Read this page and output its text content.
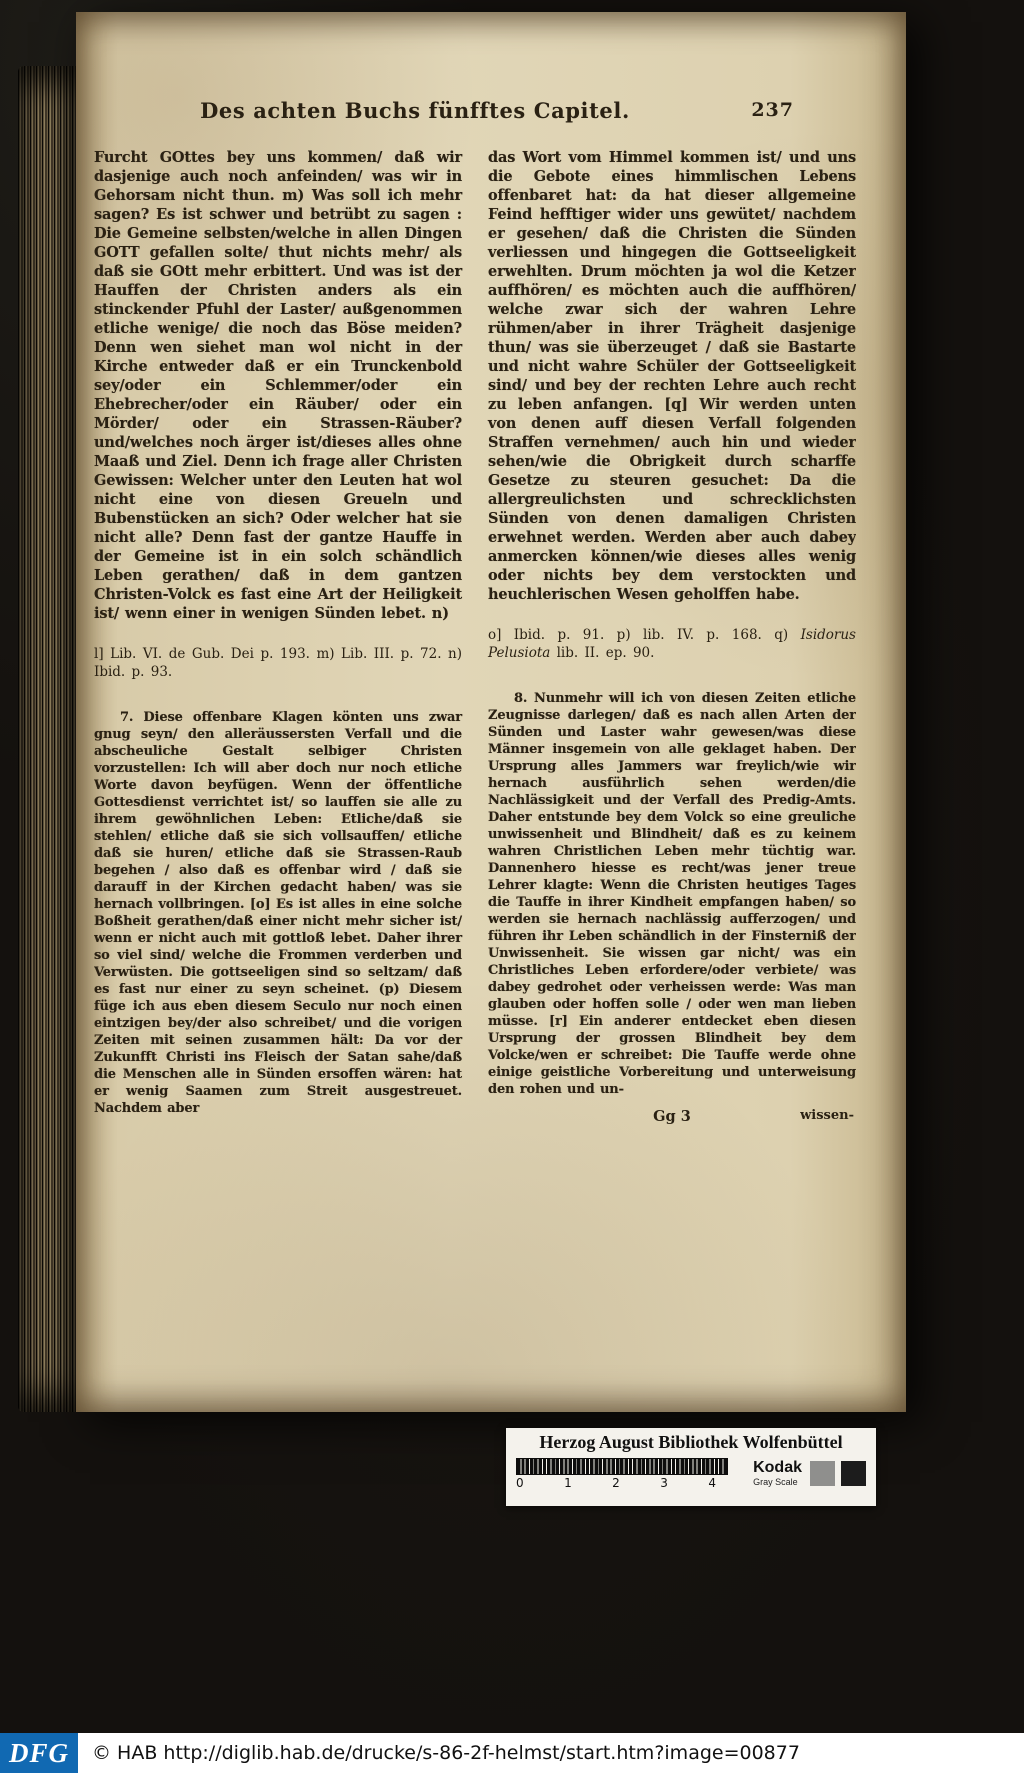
Des achten Buchs fünfftes Capitel.	237

Furcht GOttes bey uns kommen/ daß wir dasjenige auch noch anfeinden/ was wir in Gehorsam nicht thun. m) Was soll ich mehr sagen? Es ist schwer und betrübt zu sagen : Die Gemeine selbsten/welche in allen Dingen GOTT gefallen solte/ thut nichts mehr/ als daß sie GOtt mehr erbittert. Und was ist der Hauffen der Christen anders als ein stinckender Pfuhl der Laster/ außgenommen etliche wenige/ die noch das Böse meiden? Denn wen siehet man wol nicht in der Kirche entweder daß er ein Trunckenbold sey/oder ein Schlemmer/oder ein Ehebrecher/oder ein Räuber/ oder ein Mörder/ oder ein Strassen-Räuber? und/welches noch ärger ist/dieses alles ohne Maaß und Ziel. Denn ich frage aller Christen Gewissen: Welcher unter den Leuten hat wol nicht eine von diesen Greueln und Bubenstücken an sich? Oder welcher hat sie nicht alle? Denn fast der gantze Hauffe in der Gemeine ist in ein solch schändlich Leben gerathen/ daß in dem gantzen Christen-Volck es fast eine Art der Heiligkeit ist/ wenn einer in wenigen Sünden lebet. n)

l] Lib. VI. de Gub. Dei p. 193. m) Lib. III. p. 72. n) Ibid. p. 93.

7. Diese offenbare Klagen könten uns zwar gnug seyn/ den alleräussersten Verfall und die abscheuliche Gestalt selbiger Christen vorzustellen: Ich will aber doch nur noch etliche Worte davon beyfügen. Wenn der öffentliche Gottesdienst verrichtet ist/ so lauffen sie alle zu ihrem gewöhnlichen Leben: Etliche/daß sie stehlen/ etliche daß sie sich vollsauffen/ etliche daß sie huren/ etliche daß sie Strassen-Raub begehen / also daß es offenbar wird / daß sie darauff in der Kirchen gedacht haben/ was sie hernach vollbringen. [o] Es ist alles in eine solche Boßheit gerathen/daß einer nicht mehr sicher ist/ wenn er nicht auch mit gottloß lebet. Daher ihrer so viel sind/ welche die Frommen verderben und Verwüsten. Die gottseeligen sind so seltzam/ daß es fast nur einer zu seyn scheinet. (p) Diesem füge ich aus eben diesem Seculo nur noch einen eintzigen bey/der also schreibet/ und die vorigen Zeiten mit seinen zusammen hält: Da vor der Zukunfft Christi ins Fleisch der Satan sahe/daß die Menschen alle in Sünden ersoffen wären: hat er wenig Saamen zum Streit ausgestreuet. Nachdem aber

das Wort vom Himmel kommen ist/ und uns die Gebote eines himmlischen Lebens offenbaret hat: da hat dieser allgemeine Feind hefftiger wider uns gewütet/ nachdem er gesehen/ daß die Christen die Sünden verliessen und hingegen die Gottseeligkeit erwehlten. Drum möchten ja wol die Ketzer auffhören/ es möchten auch die auffhören/ welche zwar sich der wahren Lehre rühmen/aber in ihrer Trägheit dasjenige thun/ was sie überzeuget / daß sie Bastarte und nicht wahre Schüler der Gottseeligkeit sind/ und bey der rechten Lehre auch recht zu leben anfangen. [q] Wir werden unten von denen auff diesen Verfall folgenden Straffen vernehmen/ auch hin und wieder sehen/wie die Obrigkeit durch scharffe Gesetze zu steuren gesuchet: Da die allergreulichsten und schrecklichsten Sünden von denen damaligen Christen erwehnet werden. Werden aber auch dabey anmercken können/wie dieses alles wenig oder nichts bey dem verstockten und heuchlerischen Wesen geholffen habe.

o] Ibid. p. 91. p) lib. IV. p. 168. q) Isidorus Pelusiota lib. II. ep. 90.

8. Nunmehr will ich von diesen Zeiten etliche Zeugnisse darlegen/ daß es nach allen Arten der Sünden und Laster wahr gewesen/was diese Männer insgemein von alle geklaget haben. Der Ursprung alles Jammers war freylich/wie wir hernach ausführlich sehen werden/die Nachlässigkeit und der Verfall des Predig-Amts. Daher entstunde bey dem Volck so eine greuliche unwissenheit und Blindheit/ daß es zu keinem wahren Christlichen Leben mehr tüchtig war. Dannenhero hiesse es recht/was jener treue Lehrer klagte: Wenn die Christen heutiges Tages die Tauffe in ihrer Kindheit empfangen haben/ so werden sie hernach nachlässig aufferzogen/ und führen ihr Leben schändlich in der Finsterniß der Unwissenheit. Sie wissen gar nicht/ was ein Christliches Leben erfordere/oder verbiete/ was dabey gedrohet oder verheissen werde: Was man glauben oder hoffen solle / oder wen man lieben müsse. [r] Ein anderer entdecket eben diesen Ursprung der grossen Blindheit bey dem Volcke/wen er schreibet: Die Tauffe werde ohne einige geistliche Vorbereitung und unterweisung den rohen und un-

Gg 3	wissen-
Herzog August Bibliothek Wolfenbüttel
0	1	2	3	4
Kodak
Gray Scale
DFG © HAB http://diglib.hab.de/drucke/s-86-2f-helmst/start.htm?image=00877
